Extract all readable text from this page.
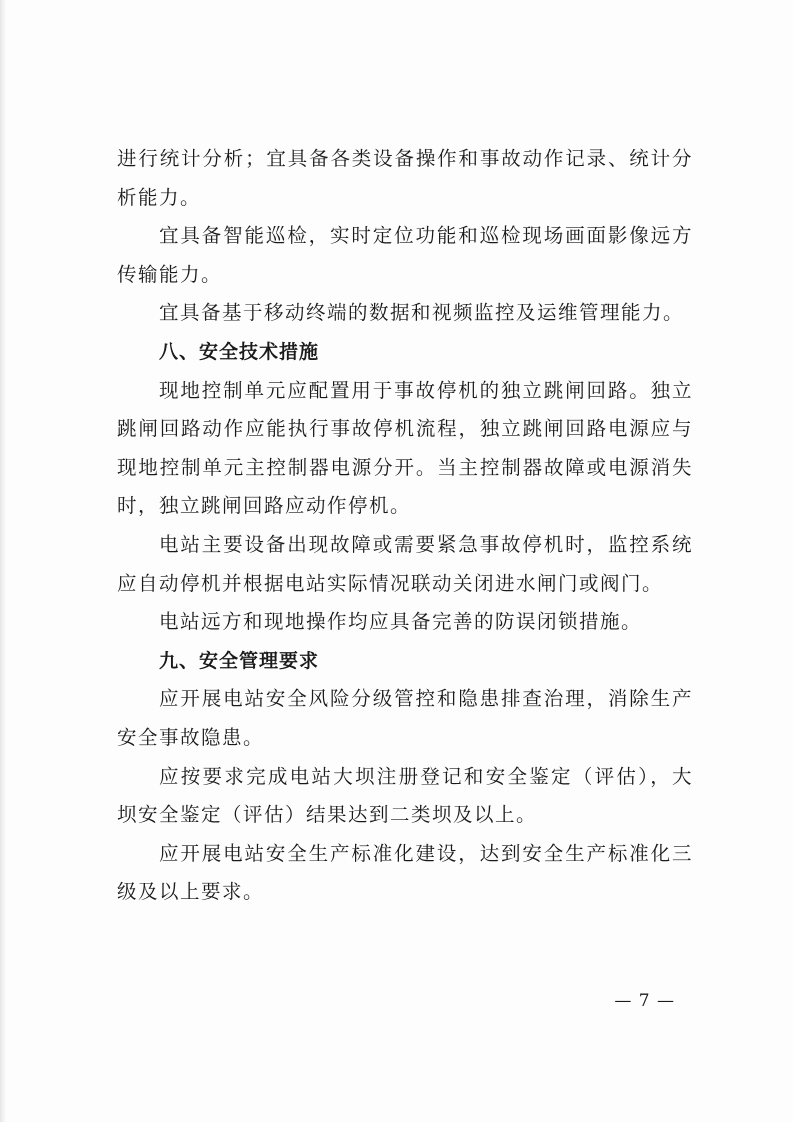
进行统计分析；宜具备各类设备操作和事故动作记录、统计分析能力。

宜具备智能巡检，实时定位功能和巡检现场画面影像远方传输能力。

宜具备基于移动终端的数据和视频监控及运维管理能力。

八、安全技术措施

现地控制单元应配置用于事故停机的独立跳闸回路。独立跳闸回路动作应能执行事故停机流程，独立跳闸回路电源应与现地控制单元主控制器电源分开。当主控制器故障或电源消失时，独立跳闸回路应动作停机。

电站主要设备出现故障或需要紧急事故停机时，监控系统应自动停机并根据电站实际情况联动关闭进水闸门或阀门。

电站远方和现地操作均应具备完善的防误闭锁措施。

九、安全管理要求

应开展电站安全风险分级管控和隐患排查治理，消除生产安全事故隐患。

应按要求完成电站大坝注册登记和安全鉴定（评估），大坝安全鉴定（评估）结果达到二类坝及以上。

应开展电站安全生产标准化建设，达到安全生产标准化三级及以上要求。

— 7 —
